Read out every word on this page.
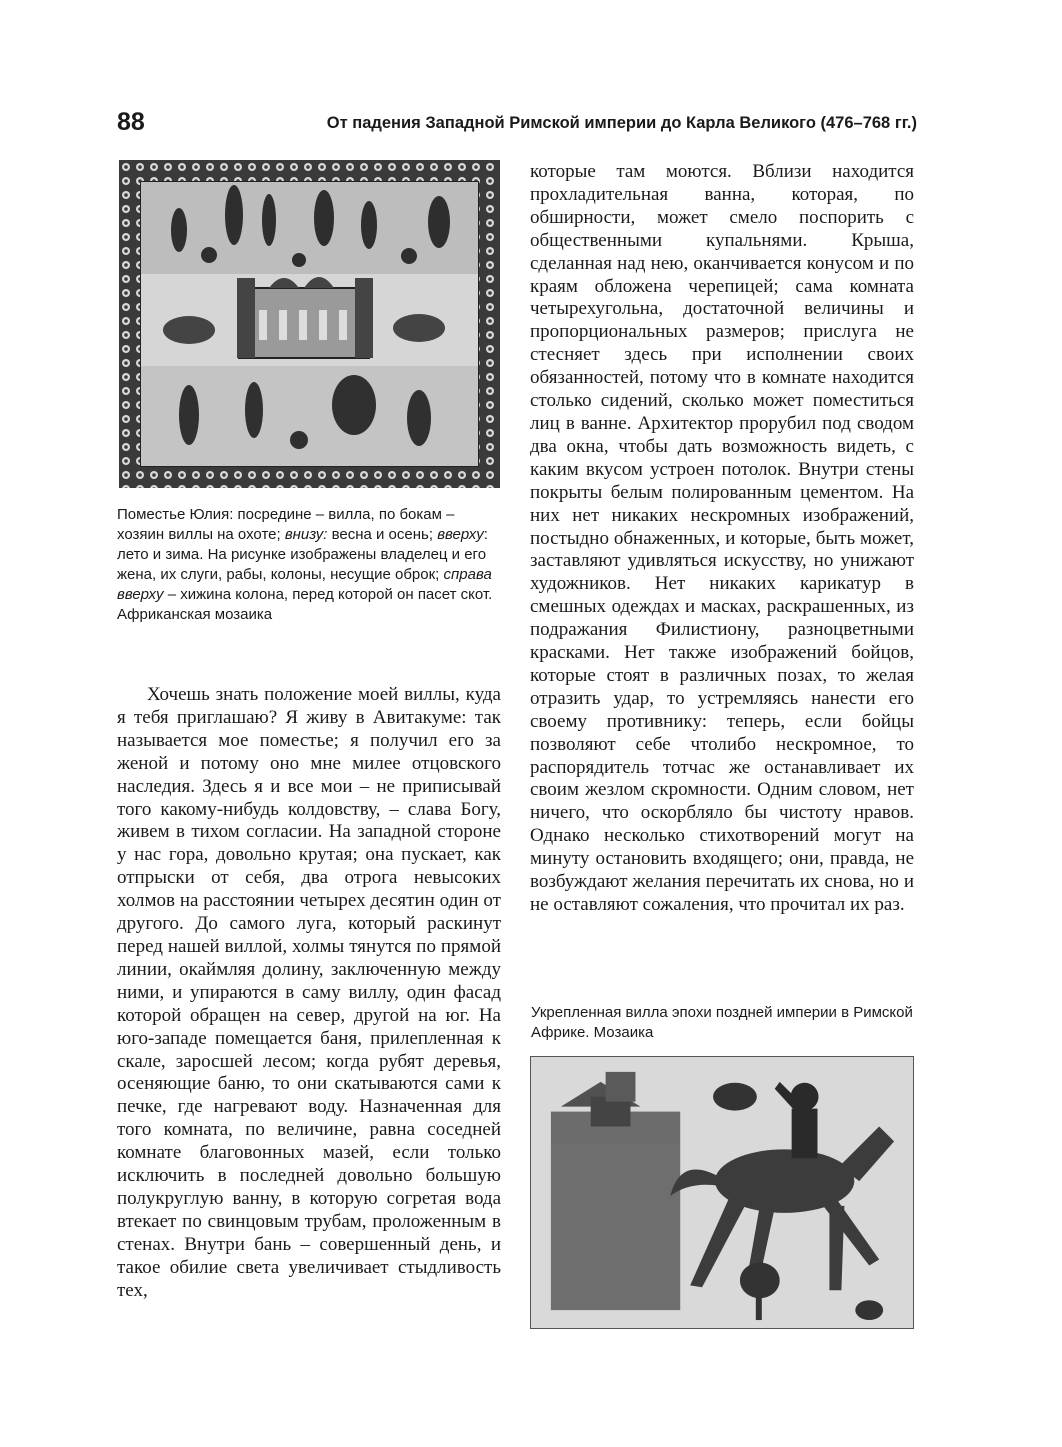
88	От падения Западной Римской империи до Карла Великого (476–768 гг.)

Поместье Юлия: посредине – вилла, по бокам – хозяин виллы на охоте; внизу: весна и осень; вверху: лето и зима. На рисунке изображены владелец и его жена, их слуги, рабы, колоны, несущие оброк; справа вверху – хижина колона, перед которой он пасет скот. Африканская мозаика

Хочешь знать положение моей виллы, куда я тебя приглашаю? Я живу в Авитакуме: так называется мое поместье; я получил его за женой и потому оно мне милее отцовского наследия. Здесь я и все мои – не приписывай того какому-нибудь колдовству, – слава Богу, живем в тихом согласии. На западной стороне у нас гора, довольно крутая; она пускает, как отпрыски от себя, два отрога невысоких холмов на расстоянии четырех десятин один от другого. До самого луга, который раскинут перед нашей виллой, холмы тянутся по прямой линии, окаймляя долину, заключенную между ними, и упираются в саму виллу, один фасад которой обращен на север, другой на юг. На юго-западе помещается баня, прилепленная к скале, заросшей лесом; когда рубят деревья, осеняющие баню, то они скатываются сами к печке, где нагревают воду. Назначенная для того комната, по величине, равна соседней комнате благовонных мазей, если только исключить в последней довольно большую полукруглую ванну, в которую согретая вода втекает по свинцовым трубам, проложенным в стенах. Внутри бань – совершенный день, и такое обилие света увеличивает стыдливость тех,

которые там моются. Вблизи находится прохладительная ванна, которая, по обширности, может смело поспорить с общественными купальнями. Крыша, сделанная над нею, оканчивается конусом и по краям обложена черепицей; сама комната четырехугольна, достаточной величины и пропорциональных размеров; прислуга не стесняет здесь при исполнении своих обязанностей, потому что в комнате находится столько сидений, сколько может поместиться лиц в ванне. Архитектор прорубил под сводом два окна, чтобы дать возможность видеть, с каким вкусом устроен потолок. Внутри стены покрыты белым полированным цементом. На них нет никаких нескромных изображений, постыдно обнаженных, и которые, быть может, заставляют удивляться искусству, но унижают художников. Нет никаких карикатур в смешных одеждах и масках, раскрашенных, из подражания Филистиону, разноцветными красками. Нет также изображений бойцов, которые стоят в различных позах, то желая отразить удар, то устремляясь нанести его своему противнику: теперь, если бойцы позволяют себе чтолибо нескромное, то распорядитель тотчас же останавливает их своим жезлом скромности. Одним словом, нет ничего, что оскорбляло бы чистоту нравов. Однако несколько стихотворений могут на минуту остановить входящего; они, правда, не возбуждают желания перечитать их снова, но и не оставляют сожаления, что прочитал их раз.

Укрепленная вилла эпохи поздней империи в Римской Африке. Мозаика
